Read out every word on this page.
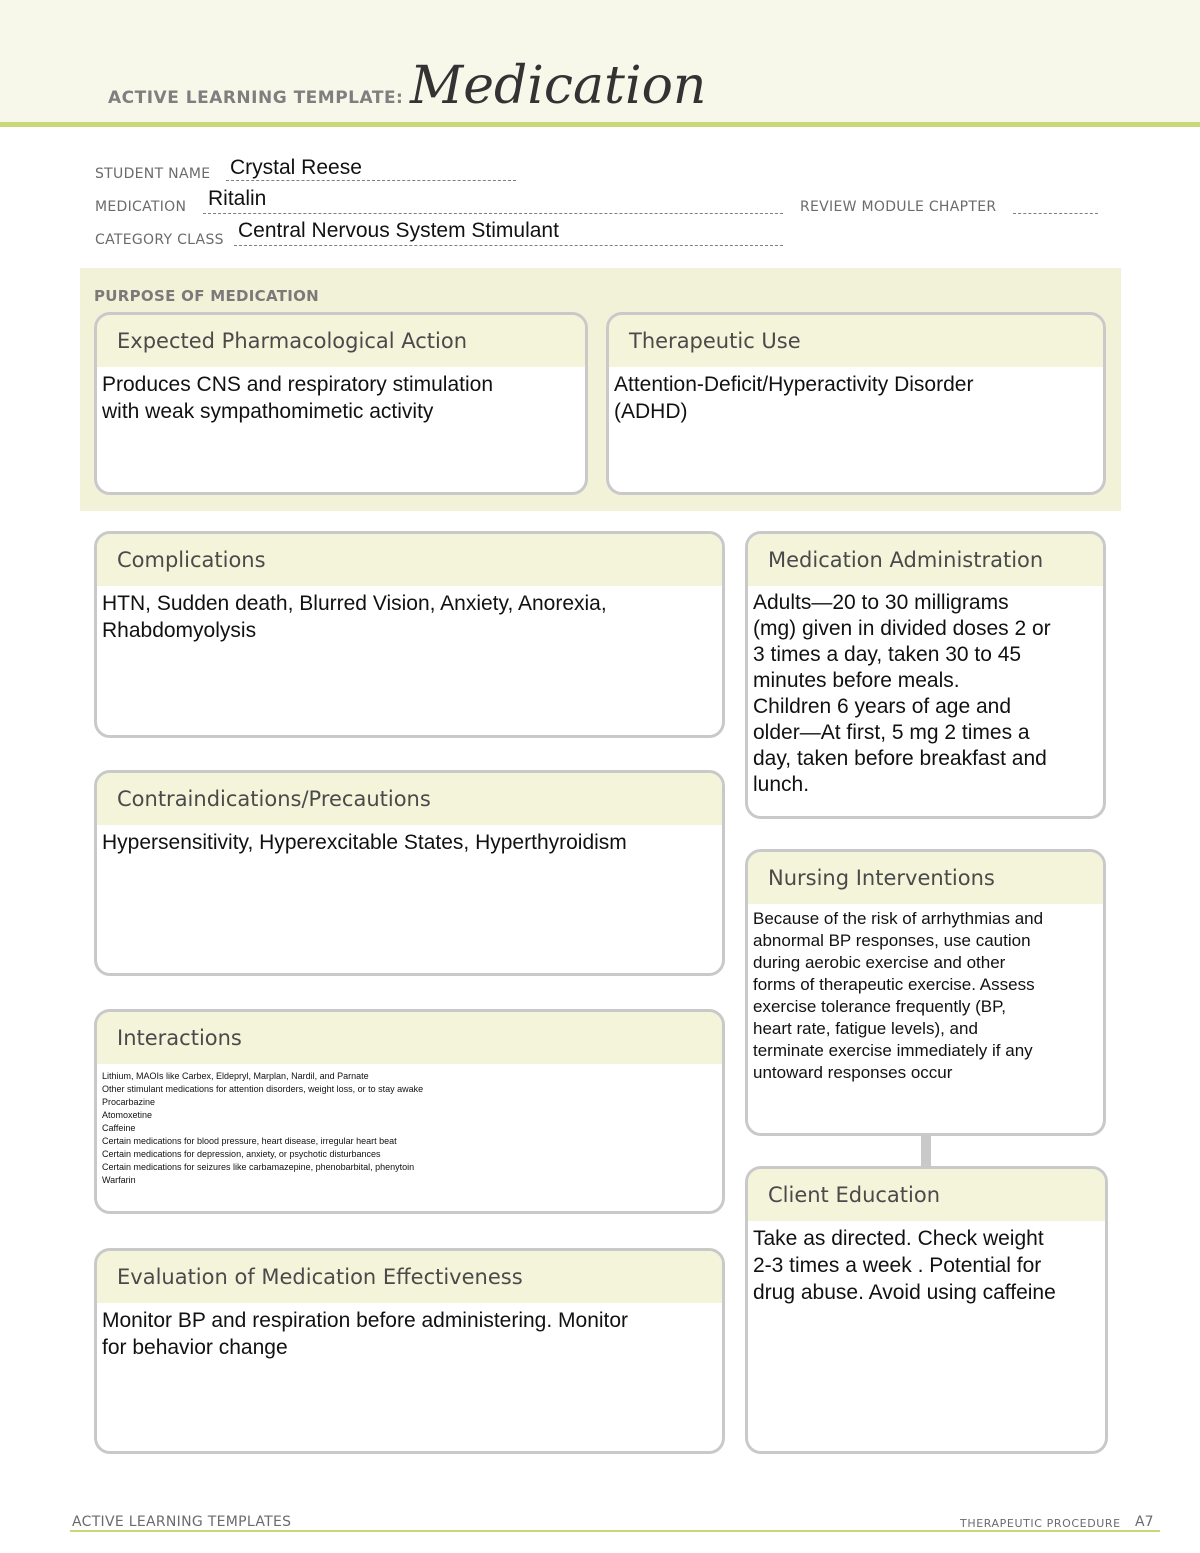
ACTIVE LEARNING TEMPLATE: Medication
STUDENT NAME Crystal Reese
MEDICATION Ritalin	REVIEW MODULE CHAPTER
CATEGORY CLASS Central Nervous System Stimulant
PURPOSE OF MEDICATION
Expected Pharmacological Action
Produces CNS and respiratory stimulation
with weak sympathomimetic activity
Therapeutic Use
Attention-Deficit/Hyperactivity Disorder
(ADHD)
Complications
HTN, Sudden death, Blurred Vision, Anxiety, Anorexia,
Rhabdomyolysis
Medication Administration
Adults—20 to 30 milligrams
(mg) given in divided doses 2 or
3 times a day, taken 30 to 45
minutes before meals.
Children 6 years of age and
older—At first, 5 mg 2 times a
day, taken before breakfast and
lunch.
Contraindications/Precautions
Hypersensitivity, Hyperexcitable States, Hyperthyroidism
Nursing Interventions
Because of the risk of arrhythmias and
abnormal BP responses, use caution
during aerobic exercise and other
forms of therapeutic exercise. Assess
exercise tolerance frequently (BP,
heart rate, fatigue levels), and
terminate exercise immediately if any
untoward responses occur
Interactions
Lithium, MAOIs like Carbex, Eldepryl, Marplan, Nardil, and Parnate
Other stimulant medications for attention disorders, weight loss, or to stay awake
Procarbazine
Atomoxetine
Caffeine
Certain medications for blood pressure, heart disease, irregular heart beat
Certain medications for depression, anxiety, or psychotic disturbances
Certain medications for seizures like carbamazepine, phenobarbital, phenytoin
Warfarin
Client Education
Take as directed. Check weight
2-3 times a week . Potential for
drug abuse. Avoid using caffeine
Evaluation of Medication Effectiveness
Monitor BP and respiration before administering. Monitor
for behavior change
ACTIVE LEARNING TEMPLATES	THERAPEUTIC PROCEDURE A7
